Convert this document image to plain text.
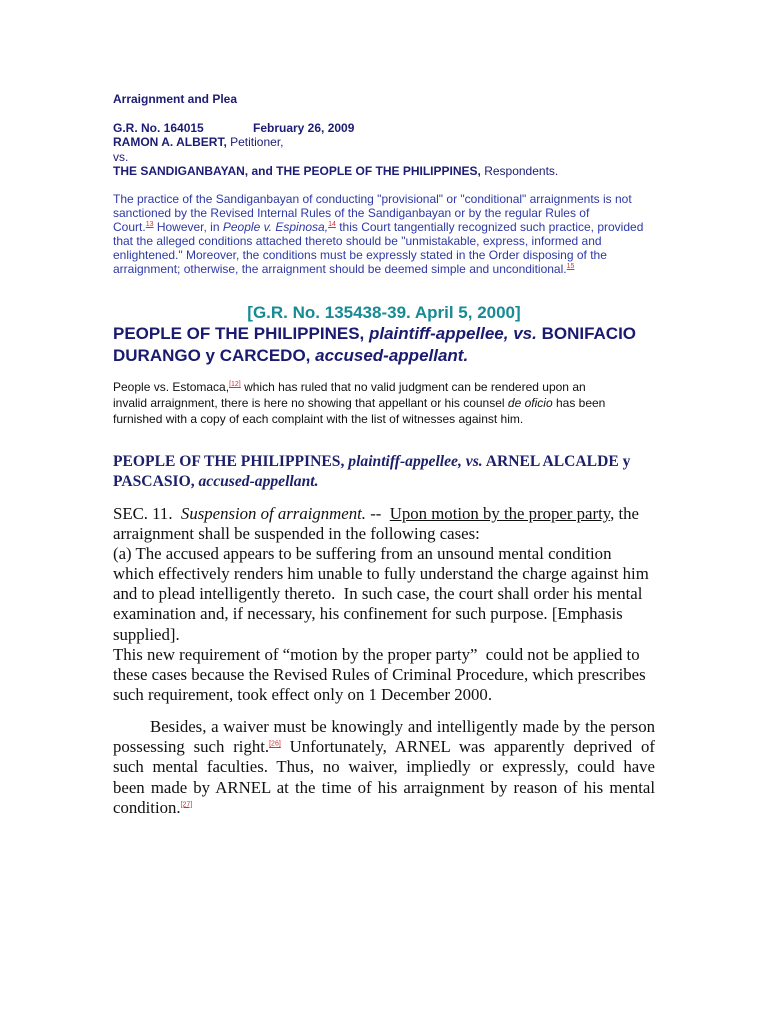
Arraignment and Plea
G.R. No. 164015	February 26, 2009
RAMON A. ALBERT, Petitioner,
vs.
THE SANDIGANBAYAN, and THE PEOPLE OF THE PHILIPPINES, Respondents.
The practice of the Sandiganbayan of conducting "provisional" or "conditional" arraignments is not
sanctioned by the Revised Internal Rules of the Sandiganbayan or by the regular Rules of
Court.$^{13}$ However, in People v. Espinosa,$^{14}$ this Court tangentially recognized such practice, provided
that the alleged conditions attached thereto should be "unmistakable, express, informed and
enlightened." Moreover, the conditions must be expressly stated in the Order disposing of the
arraignment; otherwise, the arraignment should be deemed simple and unconditional.$^{15}$
[G.R. No. 135438-39. April 5, 2000]
PEOPLE OF THE PHILIPPINES, plaintiff-appellee, vs. BONIFACIO
DURANGO y CARCEDO, accused-appellant.
People vs. Estomaca,[12] which has ruled that no valid judgment can be rendered upon an
invalid arraignment, there is here no showing that appellant or his counsel de oficio has been
furnished with a copy of each complaint with the list of witnesses against him.
PEOPLE OF THE PHILIPPINES, plaintiff-appellee, vs. ARNEL ALCALDE y
PASCASIO, accused-appellant.
SEC. 11. Suspension of arraignment. -- Upon motion by the proper party, the
arraignment shall be suspended in the following cases:
(a) The accused appears to be suffering from an unsound mental condition
which effectively renders him unable to fully understand the charge against him
and to plead intelligently thereto.  In such case, the court shall order his mental
examination and, if necessary, his confinement for such purpose. [Emphasis
supplied].
This new requirement of “motion by the proper party”  could not be applied to
these cases because the Revised Rules of Criminal Procedure, which prescribes
such requirement, took effect only on 1 December 2000.
Besides, a waiver must be knowingly and intelligently made by the person
possessing such right.[26] Unfortunately, ARNEL was apparently deprived of
such mental faculties. Thus, no waiver, impliedly or expressly, could have
been made by ARNEL at the time of his arraignment by reason of his mental
condition.[27]
